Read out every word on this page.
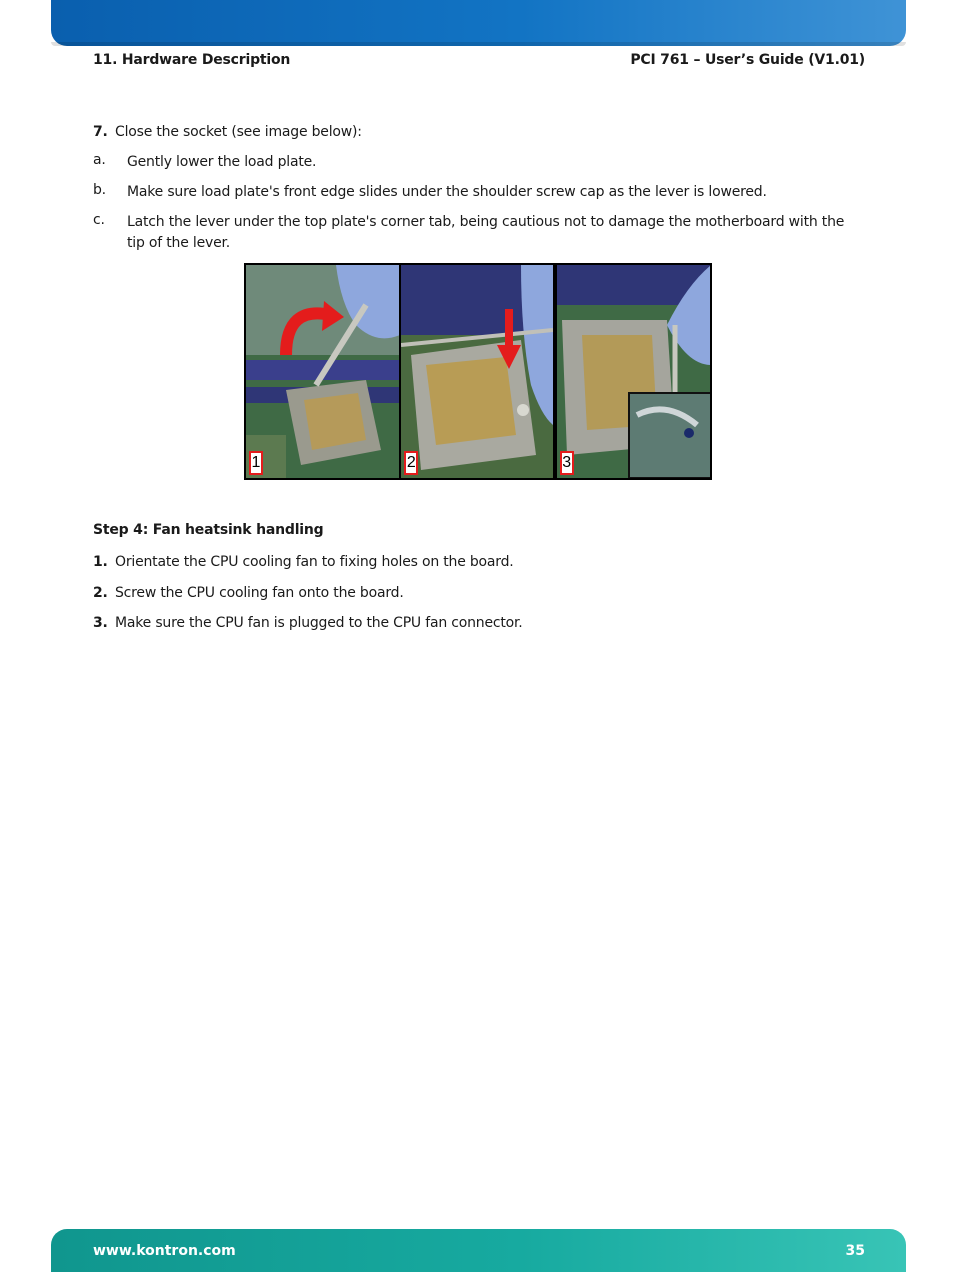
11. Hardware Description	PCI 761 – User’s Guide (V1.01)
7. Close the socket (see image below):
a. Gently lower the load plate.
b. Make sure load plate's front edge slides under the shoulder screw cap as the lever is lowered.
c. Latch the lever under the top plate's corner tab, being cautious not to damage the motherboard with the tip of the lever.
Step 4: Fan heatsink handling
1. Orientate the CPU cooling fan to fixing holes on the board.
2. Screw the CPU cooling fan onto the board.
3. Make sure the CPU fan is plugged to the CPU fan connector.
1	2	3
www.kontron.com	35
